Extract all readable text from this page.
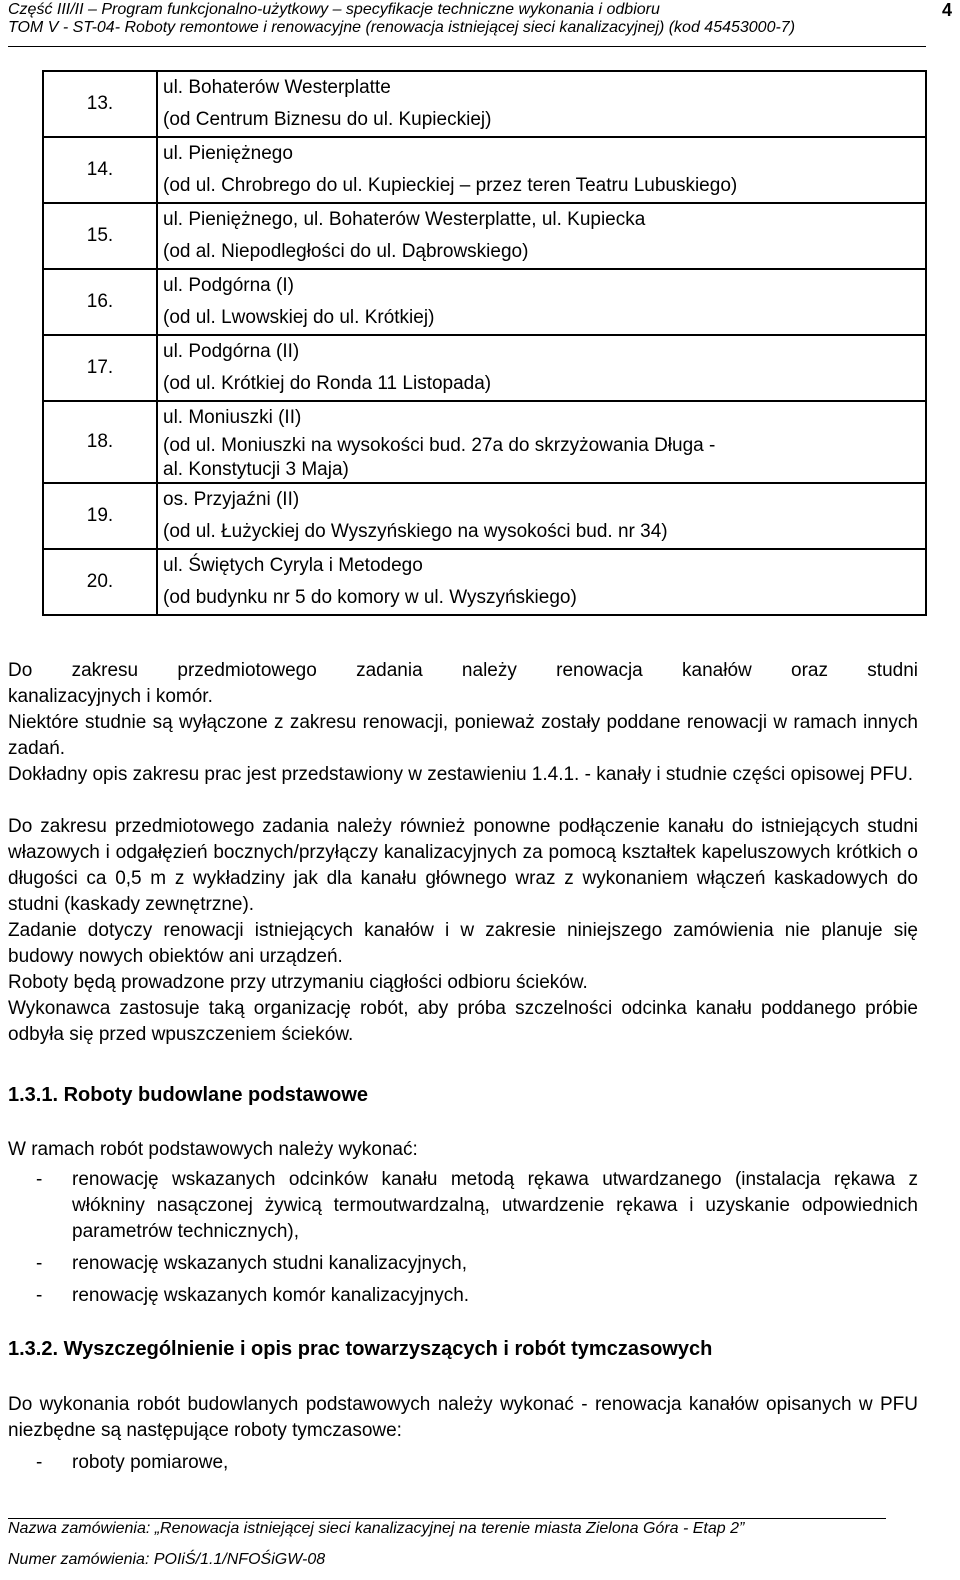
Część III/II – Program funkcjonalno-użytkowy – specyfikacje techniczne wykonania i odbioru
TOM V - ST-04- Roboty remontowe i renowacyjne (renowacja istniejącej sieci kanalizacyjnej) (kod 45453000-7)
4
13.	ul. Bohaterów Westerplatte
(od Centrum Biznesu do ul. Kupieckiej)

14.	ul. Pieniężnego
(od ul. Chrobrego do ul. Kupieckiej – przez teren Teatru Lubuskiego)

15.	ul. Pieniężnego, ul. Bohaterów Westerplatte, ul. Kupiecka
(od al. Niepodległości do ul. Dąbrowskiego)

16.	ul. Podgórna (I)
(od ul. Lwowskiej do ul. Krótkiej)

17.	ul. Podgórna (II)
(od ul. Krótkiej do Ronda 11 Listopada)

18.	ul. Moniuszki (II)
(od ul. Moniuszki na wysokości bud. 27a do skrzyżowania Długa -
al. Konstytucji 3 Maja)

19.	os. Przyjaźni (II)
(od ul. Łużyckiej do Wyszyńskiego na wysokości bud. nr 34)

20.	ul. Świętych Cyryla i Metodego
(od budynku nr 5 do komory w ul. Wyszyńskiego)
Do zakresu przedmiotowego zadania należy renowacja kanałów oraz studni
kanalizacyjnych i komór.
Niektóre studnie są wyłączone z zakresu renowacji, ponieważ zostały poddane renowacji w ramach innych zadań.
Dokładny opis zakresu prac jest przedstawiony w zestawieniu 1.4.1. - kanały i studnie części opisowej PFU.
Do zakresu przedmiotowego zadania należy również ponowne podłączenie kanału do istniejących studni włazowych i odgałęzień bocznych/przyłączy kanalizacyjnych za pomocą kształtek kapeluszowych krótkich o długości ca 0,5 m z wykładziny jak dla kanału głównego wraz z wykonaniem włączeń kaskadowych do studni (kaskady zewnętrzne).
Zadanie dotyczy renowacji istniejących kanałów i w zakresie niniejszego zamówienia nie planuje się budowy nowych obiektów ani urządzeń.
Roboty będą prowadzone przy utrzymaniu ciągłości odbioru ścieków.
Wykonawca zastosuje taką organizację robót, aby próba szczelności odcinka kanału poddanego próbie odbyła się przed wpuszczeniem ścieków.
1.3.1. Roboty budowlane podstawowe
W ramach robót podstawowych należy wykonać:
- renowację wskazanych odcinków kanału metodą rękawa utwardzanego (instalacja rękawa z włókniny nasączonej żywicą termoutwardzalną, utwardzenie rękawa i uzyskanie odpowiednich parametrów technicznych),
- renowację wskazanych studni kanalizacyjnych,
- renowację wskazanych komór kanalizacyjnych.
1.3.2. Wyszczególnienie i opis prac towarzyszących i robót tymczasowych
Do wykonania robót budowlanych podstawowych należy wykonać - renowacja kanałów opisanych w PFU niezbędne są następujące roboty tymczasowe:
- roboty pomiarowe,
Nazwa zamówienia: „Renowacja istniejącej sieci kanalizacyjnej na terenie miasta Zielona Góra - Etap 2”
Numer zamówienia: POIiŚ/1.1/NFOŚiGW-08
